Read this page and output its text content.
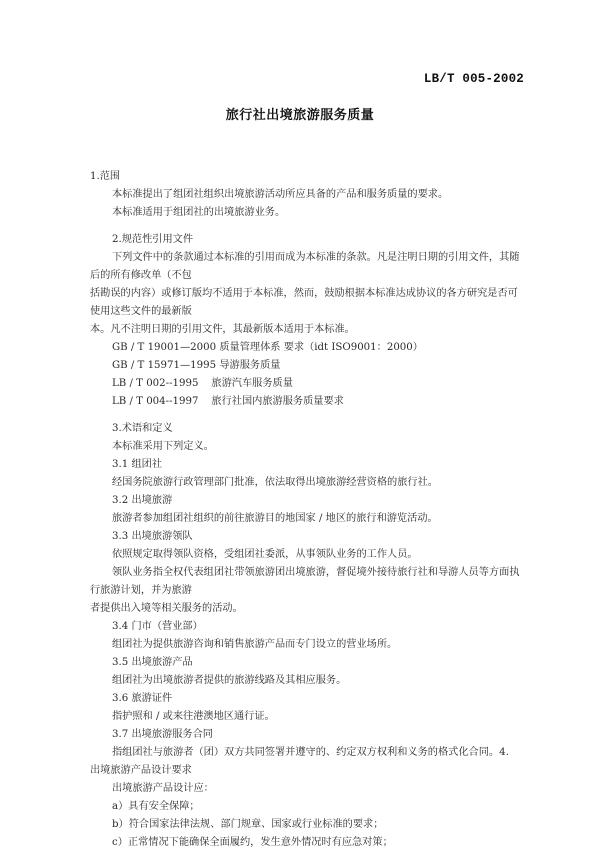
LB/T 005-2002
旅行社出境旅游服务质量
1.范围
本标准提出了组团社组织出境旅游活动所应具备的产品和服务质量的要求。
本标准适用于组团社的出境旅游业务。
2.规范性引用文件
下列文件中的条款通过本标准的引用而成为本标准的条款。凡是注明日期的引用文件，其随
后的所有修改单（不包
括勘误的内容）或修订版均不适用于本标准，然而，鼓励根据本标准达成协议的各方研究是否可
使用这些文件的最新版
本。凡不注明日期的引用文件，其最新版本适用于本标准。
GB / T 19001—2000 质量管理体系 要求（idt ISO9001：2000）
GB / T 15971—1995 导游服务质量
LB / T 002--1995    旅游汽车服务质量
LB / T 004--1997    旅行社国内旅游服务质量要求
3.术语和定义
本标准采用下列定义。
3.1 组团社
经国务院旅游行政管理部门批准，依法取得出境旅游经营资格的旅行社。
3.2 出境旅游
旅游者参加组团社组织的前往旅游目的地国家 / 地区的旅行和游览活动。
3.3 出境旅游领队
依照规定取得领队资格，受组团社委派，从事领队业务的工作人员。
领队业务指全权代表组团社带领旅游团出境旅游，督促境外接待旅行社和导游人员等方面执
行旅游计划，并为旅游
者提供出入境等相关服务的活动。
3.4 门市（营业部）
组团社为提供旅游咨询和销售旅游产品而专门设立的营业场所。
3.5 出境旅游产品
组团社为出境旅游者提供的旅游线路及其相应服务。
3.6 旅游证件
指护照和 / 或来往港澳地区通行证。
3.7 出境旅游服务合同
指组团社与旅游者（团）双方共同签署并遵守的、约定双方权利和义务的格式化合同。4.
出境旅游产品设计要求
出境旅游产品设计应：
a）具有安全保障；
b）符合国家法律法规、部门规章、国家或行业标准的要求；
c）正常情况下能确保全面履约，发生意外情况时有应急对策；
